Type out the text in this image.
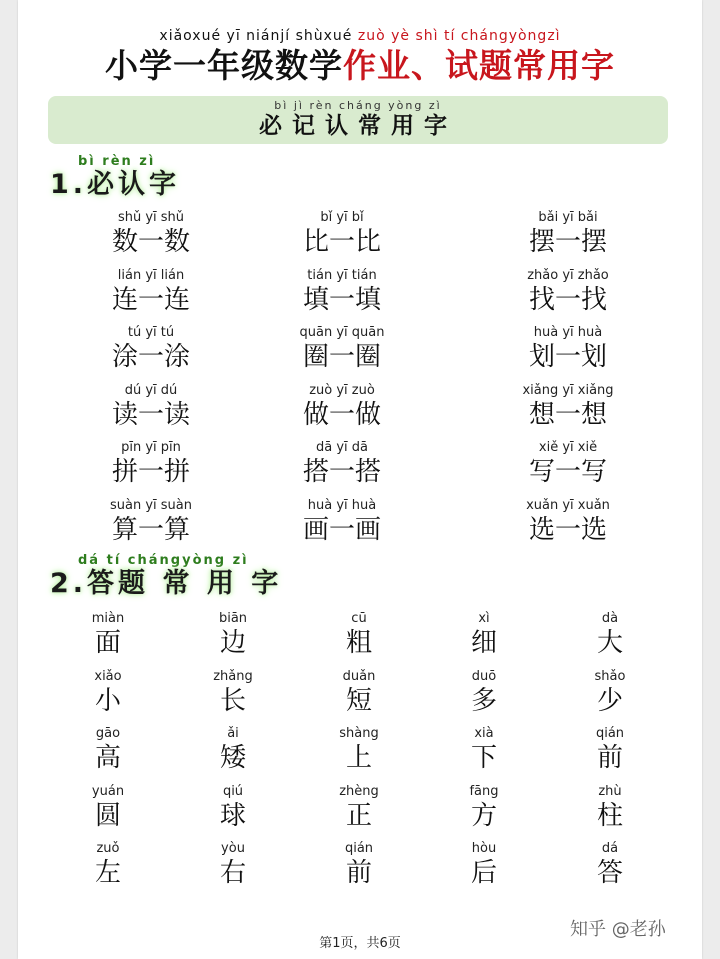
xiǎoxué yī niánjí shùxué zuò yè shì tí chángyòngzì
小学一年级数学作业、试题常用字
bì jì rèn cháng yòng zì
必记认常用字
bì rèn zì
1.必认字
shǔ yī shǔ
数一数
bǐ yī bǐ
比一比
bǎi yī bǎi
摆一摆
lián yī lián
连一连
tián yī tián
填一填
zhǎo yī zhǎo
找一找
tú yī tú
涂一涂
quān yī quān
圈一圈
huà yī huà
划一划
dú yī dú
读一读
zuò yī zuò
做一做
xiǎng yī xiǎng
想一想
pīn yī pīn
拼一拼
dā yī dā
搭一搭
xiě yī xiě
写一写
suàn yī suàn
算一算
huà yī huà
画一画
xuǎn yī xuǎn
选一选
dá tí chángyòng zì
2.答题 常 用 字
miàn
面
biān
边
cū
粗
xì
细
dà
大
xiǎo
小
zhǎng
长
duǎn
短
duō
多
shǎo
少
gāo
高
ǎi
矮
shàng
上
xià
下
qián
前
yuán
圆
qiú
球
zhèng
正
fāng
方
zhù
柱
zuǒ
左
yòu
右
qián
前
hòu
后
dá
答
第1页，共6页
知乎 @老孙
